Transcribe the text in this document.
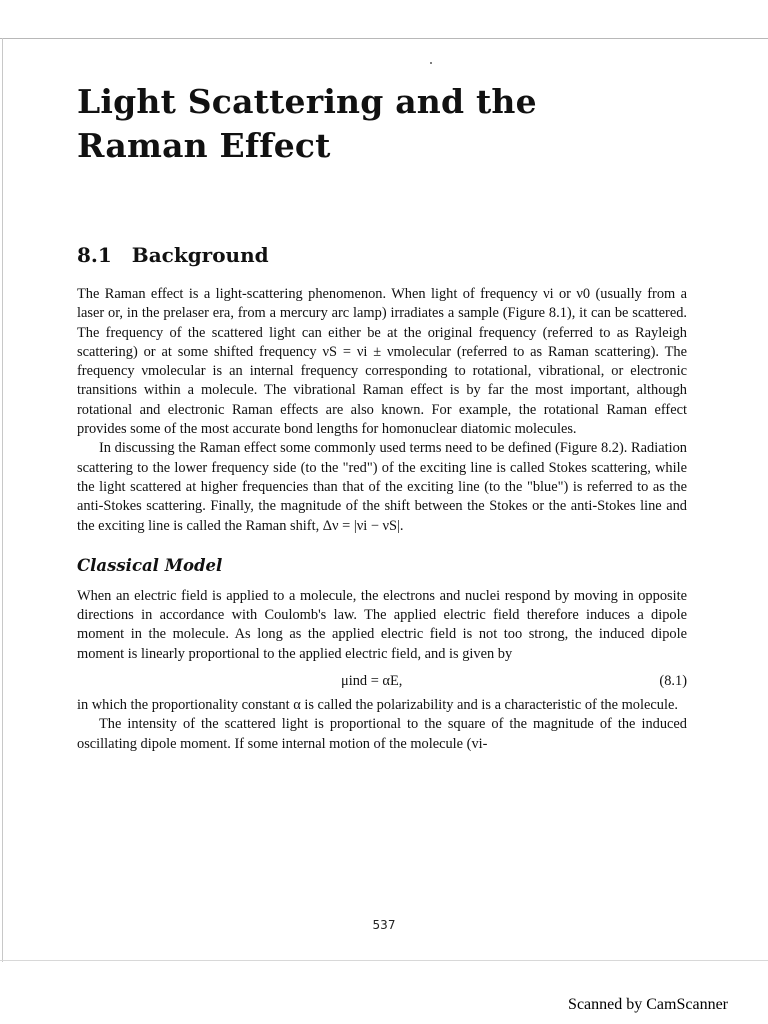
Light Scattering and the
Raman Effect
8.1 Background

The Raman effect is a light-scattering phenomenon. When light of frequency νi or ν0 (usually from a laser or, in the prelaser era, from a mercury arc lamp) irradiates a sample (Figure 8.1), it can be scattered. The frequency of the scattered light can either be at the original frequency (referred to as Rayleigh scattering) or at some shifted frequency νS = νi ± νmolecular (referred to as Raman scattering). The frequency νmolecular is an internal frequency corresponding to rotational, vibrational, or electronic transitions within a molecule. The vibrational Raman effect is by far the most important, although rotational and electronic Raman effects are also known. For example, the rotational Raman effect provides some of the most accurate bond lengths for homonuclear diatomic molecules.

In discussing the Raman effect some commonly used terms need to be defined (Figure 8.2). Radiation scattering to the lower frequency side (to the "red") of the exciting line is called Stokes scattering, while the light scattered at higher frequencies than that of the exciting line (to the "blue") is referred to as the anti-Stokes scattering. Finally, the magnitude of the shift between the Stokes or the anti-Stokes line and the exciting line is called the Raman shift, Δν = |νi − νS|.

Classical Model

When an electric field is applied to a molecule, the electrons and nuclei respond by moving in opposite directions in accordance with Coulomb's law. The applied electric field therefore induces a dipole moment in the molecule. As long as the applied electric field is not too strong, the induced dipole moment is linearly proportional to the applied electric field, and is given by

μind = αE,	(8.1)

in which the proportionality constant α is called the polarizability and is a characteristic of the molecule.

The intensity of the scattered light is proportional to the square of the magnitude of the induced oscillating dipole moment. If some internal motion of the molecule (vi-

537
Scanned by CamScanner
